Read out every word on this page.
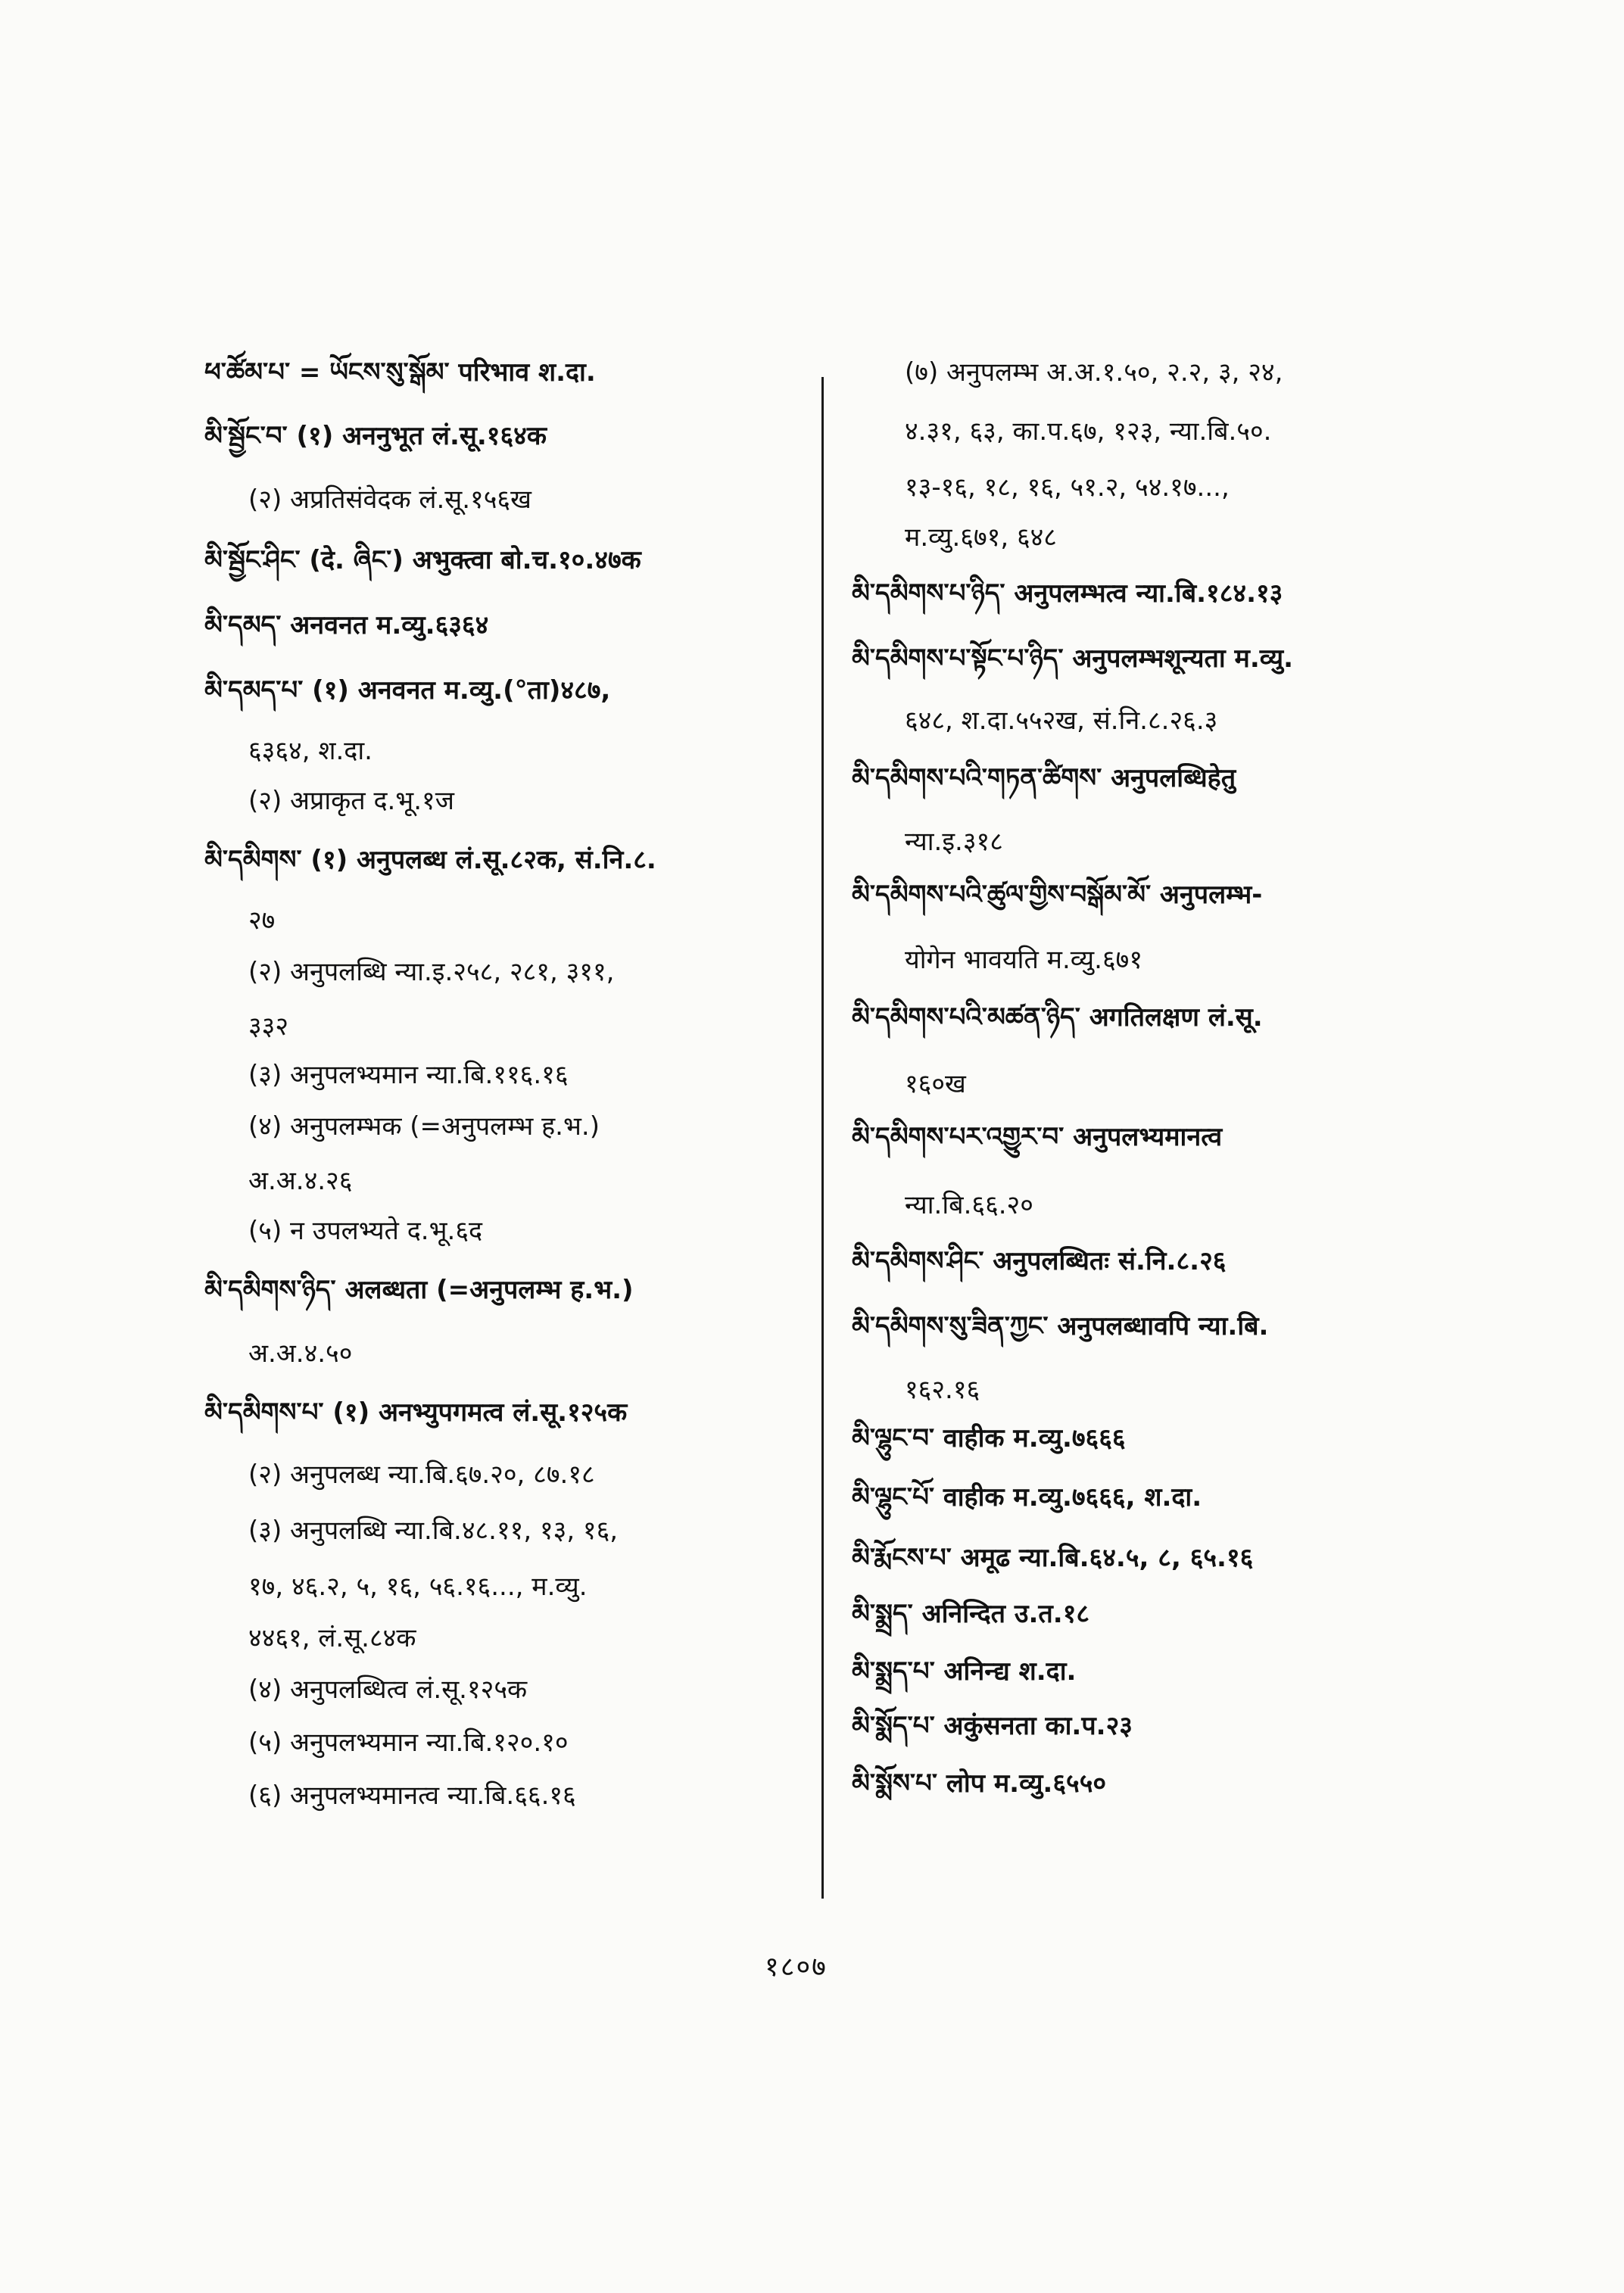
ཕ་ཚོམ་པ་ = ཡོངས་སུ་སྒོམ་ परिभाव श.दा.
མི་སྦྱོང་བ་ (१) अननुभूत लं.सू.१६४क
(२) अप्रतिसंवेदक लं.सू.१५६ख
མི་སྦྱོང་ཤིང་ (दे. ཞིང་) अभुक्त्वा बो.च.१०.४७क
མི་དམད་ अनवनत म.व्यु.६३६४
མི་དམད་པ་ (१) अनवनत म.व्यु.(°ता)४८७,
६३६४, श.दा.
(२) अप्राकृत द.भू.१ज
མི་དམིགས་ (१) अनुपलब्ध लं.सू.८२क, सं.नि.८.
२७
(२) अनुपलब्धि न्या.इ.२५८, २८१, ३११,
३३२
(३) अनुपलभ्यमान न्या.बि.११६.१६
(४) अनुपलम्भक (=अनुपलम्भ ह.भ.)
अ.अ.४.२६
(५) न उपलभ्यते द.भू.६द
མི་དམིགས་ཉིད་ अलब्धता (=अनुपलम्भ ह.भ.)
अ.अ.४.५०
མི་དམིགས་པ་ (१) अनभ्युपगमत्व लं.सू.१२५क
(२) अनुपलब्ध न्या.बि.६७.२०, ८७.१८
(३) अनुपलब्धि न्या.बि.४८.११, १३, १६,
१७, ४६.२, ५, १६, ५६.१६..., म.व्यु.
४४६१, लं.सू.८४क
(४) अनुपलब्धित्व लं.सू.१२५क
(५) अनुपलभ्यमान न्या.बि.१२०.१०
(६) अनुपलभ्यमानत्व न्या.बि.६६.१६
(७) अनुपलम्भ अ.अ.१.५०, २.२, ३, २४,
४.३१, ६३, का.प.६७, १२३, न्या.बि.५०.
१३-१६, १८, १६, ५१.२, ५४.१७...,
म.व्यु.६७१, ६४८
མི་དམིགས་པ་ཉིད་ अनुपलम्भत्व न्या.बि.१८४.१३
མི་དམིགས་པ་སྟོང་པ་ཉིད་ अनुपलम्भशून्यता म.व्यु.
६४८, श.दा.५५२ख, सं.नि.८.२६.३
མི་དམིགས་པའི་གཏན་ཚིགས་ अनुपलब्धिहेतु
न्या.इ.३१८
མི་དམིགས་པའི་ཚུལ་གྱིས་བསྒོམ་མོ་ अनुपलम्भ-
योगेन भावयति म.व्यु.६७१
མི་དམིགས་པའི་མཚན་ཉིད་ अगतिलक्षण लं.सू.
१६०ख
མི་དམིགས་པར་འགྱུར་བ་ अनुपलभ्यमानत्व
न्या.बि.६६.२०
མི་དམིགས་ཤིང་ अनुपलब्धितः सं.नि.८.२६
མི་དམིགས་སུ་ཟིན་ཀྱང་ अनुपलब्धावपि न्या.बि.
१६२.१६
མི་ལྷུང་བ་ वाहीक म.व्यु.७६६६
མི་ལྷུང་པོ་ वाहीक म.व्यु.७६६६, श.दा.
མི་རྨོངས་པ་ अमूढ न्या.बि.६४.५, ८, ६५.१६
མི་སྨྲད་ अनिन्दित उ.त.१८
མི་སྨྲད་པ་ अनिन्द्य श.दा.
མི་སྨོད་པ་ अकुंसनता का.प.२३
མི་སྨོས་པ་ लोप म.व्यु.६५५०
१८०७
